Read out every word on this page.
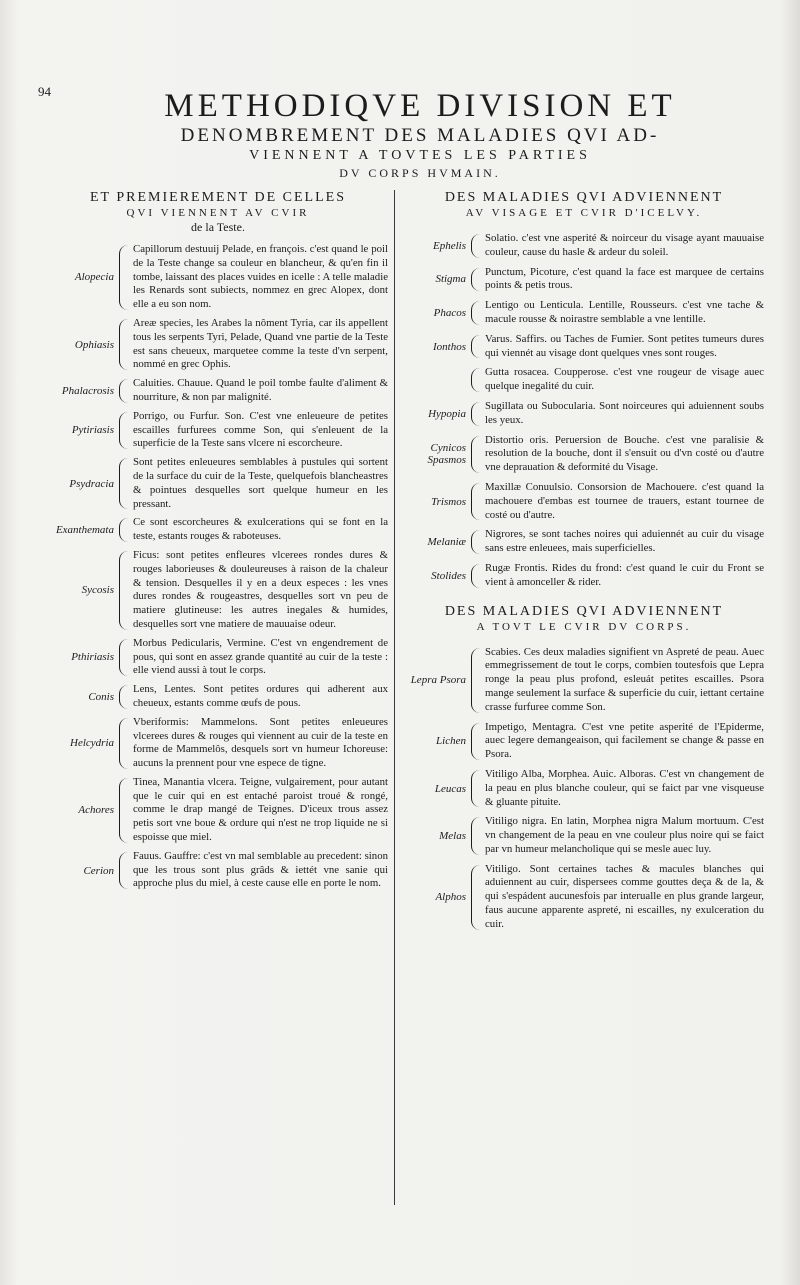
94	METHODIQVE DIVISION ET
DENOMBREMENT DES MALADIES QVI AD-
VIENNENT A TOVTES LES PARTIES
DV CORPS HVMAIN.
ET PREMIEREMENT DE CELLES
QVI VIENNENT AV CVIR
de la Teste.
Alopecia
Capillorum destuuij Pelade, en françois. c'est quand le poil de la Teste change sa couleur en blancheur, & qu'en fin il tombe, laissant des places vuides en icelle : A telle maladie les Renards sont subiects, nommez en grec Alopex, dont elle a eu son nom.
Ophiasis
Areæ species, les Arabes la nôment Tyria, car ils appellent tous les serpents Tyri, Pelade, Quand vne partie de la Teste est sans cheueux, marquetee comme la teste d'vn serpent, nommé en grec Ophis.
Phalacrosis
Caluities. Chauue. Quand le poil tombe faulte d'aliment & nourriture, & non par malignité.
Pytiriasis
Porrigo, ou Furfur. Son. C'est vne enleueure de petites escailles furfurees comme Son, qui s'enleuent de la superficie de la Teste sans vlcere ni escorcheure.
Psydracia
Sont petites enleueures semblables à pustules qui sortent de la surface du cuir de la Teste, quelquefois blancheastres & pointues desquelles sort quelque humeur en les pressant.
Exanthemata
Ce sont escorcheures & exulcerations qui se font en la teste, estants rouges & raboteuses.
Sycosis
Ficus: sont petites enfleures vlcerees rondes dures & rouges laborieuses & douleureuses à raison de la chaleur & tension. Desquelles il y en a deux especes : les vnes dures rondes & rougeastres, desquelles sort vn peu de matiere glutineuse: les autres inegales & humides, desquelles sort vne matiere de mauuaise odeur.
Pthiriasis
Morbus Pedicularis, Vermine. C'est vn engendrement de pous, qui sont en assez grande quantité au cuir de la teste : elle viend aussi à tout le corps.
Conis
Lens, Lentes. Sont petites ordures qui adherent aux cheueux, estants comme œufs de pous.
Helcydria
Vberiformis: Mammelons. Sont petites enleueures vlcerees dures & rouges qui viennent au cuir de la teste en forme de Mammelôs, desquels sort vn humeur Ichoreuse: aucuns la prennent pour vne espece de tigne.
Achores
Tinea, Manantia vlcera. Teigne, vulgairement, pour autant que le cuir qui en est entaché paroist troué & rongé, comme le drap mangé de Teignes. D'iceux trous assez petis sort vne boue & ordure qui n'est ne trop liquide ne si espoisse que miel.
Cerion
Fauus. Gauffre: c'est vn mal semblable au precedent: sinon que les trous sont plus grâds & iettét vne sanie qui approche plus du miel, à ceste cause elle en porte le nom.
DES MALADIES QVI ADVIENNENT
AV VISAGE ET CVIR D'ICELVY.
Ephelis
Solatio. c'est vne asperité & noirceur du visage ayant mauuaise couleur, cause du hasle & ardeur du soleil.
Stigma
Punctum, Picoture, c'est quand la face est marquee de certains points & petis trous.
Phacos
Lentigo ou Lenticula. Lentille, Rousseurs. c'est vne tache & macule rousse & noirastre semblable a vne lentille.
Ionthos
Varus. Saffirs. ou Taches de Fumier. Sont petites tumeurs dures qui viennét au visage dont quelques vnes sont rouges.
Gutta rosacea. Coupperose. c'est vne rougeur de visage auec quelque inegalité du cuir.
Hypopia
Sugillata ou Subocularia. Sont noirceures qui aduiennent soubs les yeux.
Cynicos Spasmos
Distortio oris. Peruersion de Bouche. c'est vne paralisie & resolution de la bouche, dont il s'ensuit ou d'vn costé ou d'autre vne deprauation & deformité du Visage.
Trismos
Maxillæ Conuulsio. Consorsion de Machouere. c'est quand la machouere d'embas est tournee de trauers, estant tournee de costé ou d'autre.
Melaniæ
Nigrores, se sont taches noires qui aduiennét au cuir du visage sans estre enleuees, mais superficielles.
Stolides
Rugæ Frontis. Rides du frond: c'est quand le cuir du Front se vient à amonceller & rider.
DES MALADIES QVI ADVIENNENT
A TOVT LE CVIR DV CORPS.
Lepra Psora
Scabies. Ces deux maladies signifient vn Aspreté de peau. Auec emmegrissement de tout le corps, combien toutesfois que Lepra ronge la peau plus profond, esleuát petites escailles. Psora mange seulement la surface & superficie du cuir, iettant certaine crasse furfuree comme Son.
Lichen
Impetigo, Mentagra. C'est vne petite asperité de l'Epiderme, auec legere demangeaison, qui facilement se change & passe en Psora.
Leucas
Vitiligo Alba, Morphea. Auic. Alboras. C'est vn changement de la peau en plus blanche couleur, qui se faict par vne visqueuse & gluante pituite.
Melas
Vitiligo nigra. En latin, Morphea nigra Malum mortuum. C'est vn changement de la peau en vne couleur plus noire qui se faict par vn humeur melancholique qui se mesle auec luy.
Alphos
Vitiligo. Sont certaines taches & macules blanches qui aduiennent au cuir, dispersees comme gouttes deça & de la, & qui s'espádent aucunesfois par interualle en plus grande largeur, faus aucune apparente aspreté, ni escailles, ny exulceration du cuir.
